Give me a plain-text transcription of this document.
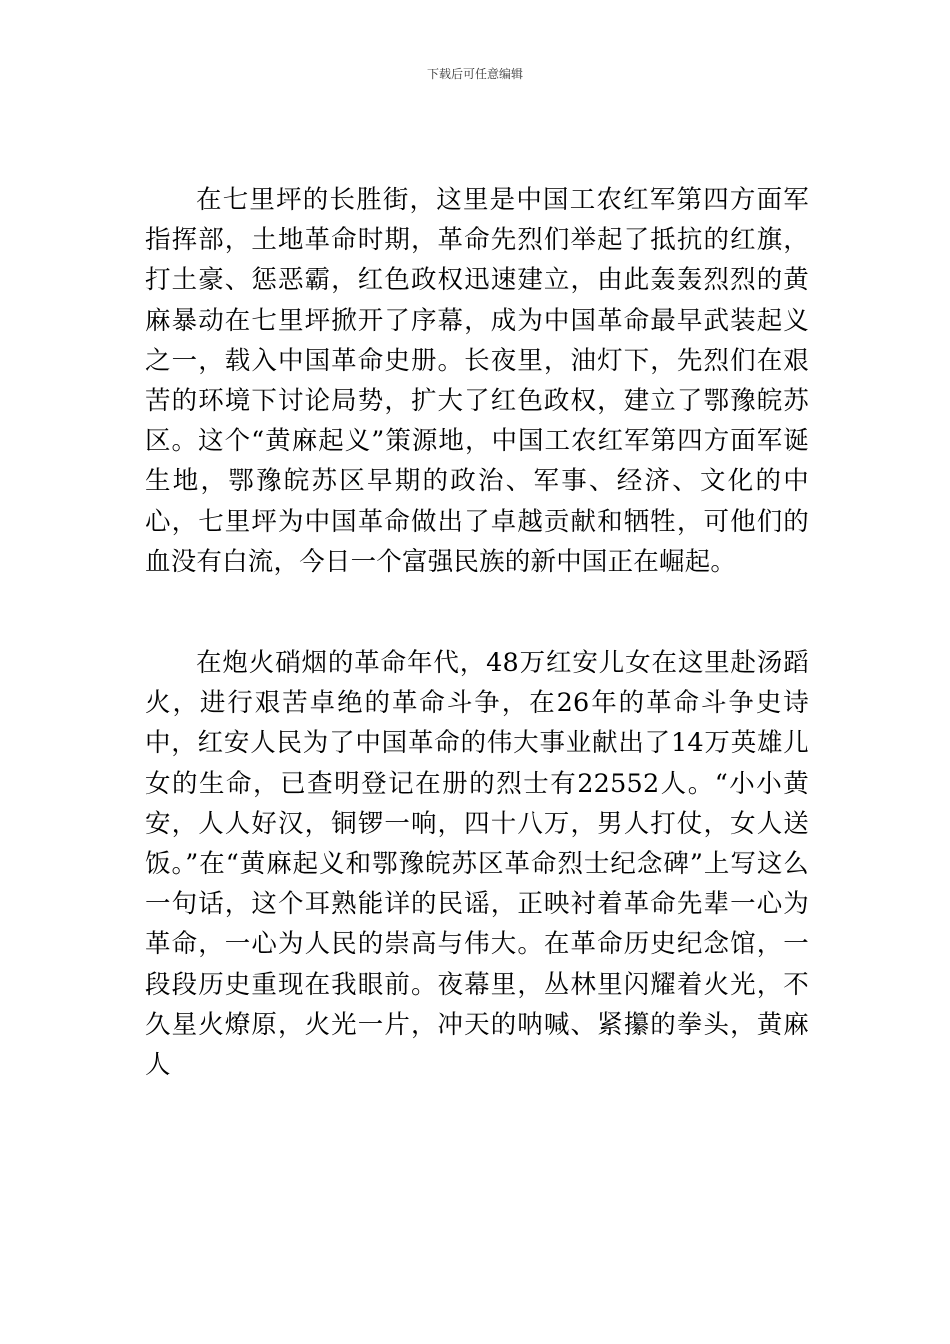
下载后可任意编辑

在七里坪的长胜街，这里是中国工农红军第四方面军指挥部，土地革命时期，革命先烈们举起了抵抗的红旗，打土豪、惩恶霸，红色政权迅速建立，由此轰轰烈烈的黄麻暴动在七里坪掀开了序幕，成为中国革命最早武装起义之一，载入中国革命史册。长夜里，油灯下，先烈们在艰苦的环境下讨论局势，扩大了红色政权，建立了鄂豫皖苏区。这个“黄麻起义”策源地，中国工农红军第四方面军诞生地，鄂豫皖苏区早期的政治、军事、经济、文化的中心，七里坪为中国革命做出了卓越贡献和牺牲，可他们的血没有白流，今日一个富强民族的新中国正在崛起。

在炮火硝烟的革命年代，48万红安儿女在这里赴汤蹈火，进行艰苦卓绝的革命斗争，在26年的革命斗争史诗中，红安人民为了中国革命的伟大事业献出了14万英雄儿女的生命，已查明登记在册的烈士有22552人。“小小黄安，人人好汉，铜锣一响，四十八万，男人打仗，女人送饭。”在“黄麻起义和鄂豫皖苏区革命烈士纪念碑”上写这么一句话，这个耳熟能详的民谣，正映衬着革命先辈一心为革命，一心为人民的崇高与伟大。在革命历史纪念馆，一段段历史重现在我眼前。夜幕里，丛林里闪耀着火光，不久星火燎原，火光一片，冲天的呐喊、紧攥的拳头，黄麻人
